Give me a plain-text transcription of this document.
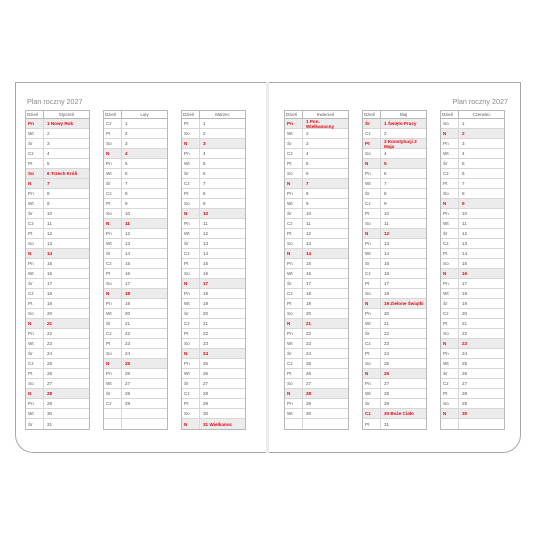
Plan roczny 2027
Dzień	Styczeń
Pn	1 Nowy Rok
Wt	2
Śr	3
Cz	4
Pt	5
So	6 Trzech Króli
N	7
Pn	8
Wt	9
Śr	10
Cz	11
Pt	12
So	13
N	14
Pn	15
Wt	16
Śr	17
Cz	18
Pt	19
So	20
N	21
Pn	22
Wt	23
Śr	24
Cz	25
Pt	26
So	27
N	28
Pn	29
Wt	30
Śr	31
Dzień	Luty
Cz	1
Pt	2
So	3
N	4
Pn	5
Wt	6
Śr	7
Cz	8
Pt	9
So	10
N	11
Pn	12
Wt	13
Śr	14
Cz	15
Pt	16
So	17
N	18
Pn	19
Wt	20
Śr	21
Cz	22
Pt	23
So	24
N	25
Pn	26
Wt	27
Śr	28
Cz	29
Dzień	Marzec
Pt	1
So	2
N	3
Pn	4
Wt	5
Śr	6
Cz	7
Pt	8
So	9
N	10
Pn	11
Wt	12
Śr	13
Cz	14
Pt	15
So	16
N	17
Pn	18
Wt	19
Śr	20
Cz	21
Pt	22
So	23
N	24
Pn	25
Wt	26
Śr	27
Cz	28
Pt	29
So	30
N	31 Wielkanoc
Plan roczny 2027
Dzień	Kwiecień
Pn	1 Pon. Wielkanocny
Wt	2
Śr	3
Cz	4
Pt	5
So	6
N	7
Pn	8
Wt	9
Śr	10
Cz	11
Pt	12
So	13
N	14
Pn	15
Wt	16
Śr	17
Cz	18
Pt	19
So	20
N	21
Pn	22
Wt	23
Śr	24
Cz	25
Pt	26
So	27
N	28
Pn	29
Wt	30
Dzień	Maj
Śr	1 Święto Pracy
Cz	2
Pt	3 Konstytucji 3 Maja
So	4
N	5
Pn	6
Wt	7
Śr	8
Cz	9
Pt	10
So	11
N	12
Pn	13
Wt	14
Śr	15
Cz	16
Pt	17
So	18
N	19 Zielone Świątki
Pn	20
Wt	21
Śr	22
Cz	23
Pt	24
So	25
N	26
Pn	27
Wt	28
Śr	29
Cz	30 Boże Ciało
Pt	31
Dzień	Czerwiec
So	1
N	2
Pn	3
Wt	4
Śr	5
Cz	6
Pt	7
So	8
N	9
Pn	10
Wt	11
Śr	12
Cz	13
Pt	14
So	15
N	16
Pn	17
Wt	18
Śr	19
Cz	20
Pt	21
So	22
N	23
Pn	24
Wt	25
Śr	26
Cz	27
Pt	28
So	29
N	30
